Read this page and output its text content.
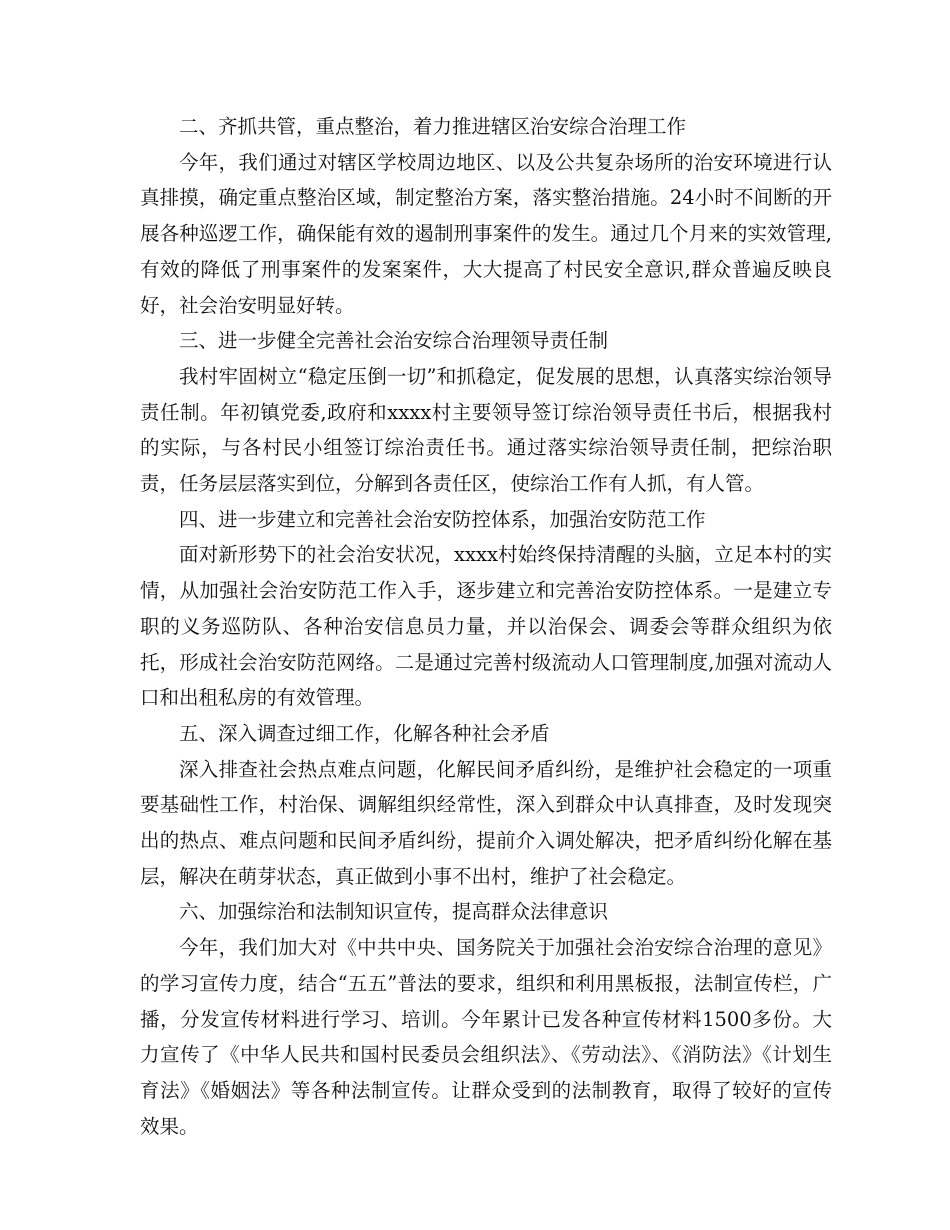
二、齐抓共管，重点整治，着力推进辖区治安综合治理工作

今年，我们通过对辖区学校周边地区、以及公共复杂场所的治安环境进行认真排摸，确定重点整治区域，制定整治方案，落实整治措施。24小时不间断的开展各种巡逻工作，确保能有效的遏制刑事案件的发生。通过几个月来的实效管理,有效的降低了刑事案件的发案案件，大大提高了村民安全意识,群众普遍反映良好，社会治安明显好转。

三、进一步健全完善社会治安综合治理领导责任制

我村牢固树立“稳定压倒一切”和抓稳定，促发展的思想，认真落实综治领导责任制。年初镇党委,政府和xxxx村主要领导签订综治领导责任书后，根据我村的实际，与各村民小组签订综治责任书。通过落实综治领导责任制，把综治职责，任务层层落实到位，分解到各责任区，使综治工作有人抓，有人管。

四、进一步建立和完善社会治安防控体系，加强治安防范工作

面对新形势下的社会治安状况，xxxx村始终保持清醒的头脑，立足本村的实情，从加强社会治安防范工作入手，逐步建立和完善治安防控体系。一是建立专职的义务巡防队、各种治安信息员力量，并以治保会、调委会等群众组织为依托，形成社会治安防范网络。二是通过完善村级流动人口管理制度,加强对流动人口和出租私房的有效管理。

五、深入调查过细工作，化解各种社会矛盾

深入排查社会热点难点问题，化解民间矛盾纠纷，是维护社会稳定的一项重要基础性工作，村治保、调解组织经常性，深入到群众中认真排查，及时发现突出的热点、难点问题和民间矛盾纠纷，提前介入调处解决，把矛盾纠纷化解在基层，解决在萌芽状态，真正做到小事不出村，维护了社会稳定。

六、加强综治和法制知识宣传，提高群众法律意识

今年，我们加大对《中共中央、国务院关于加强社会治安综合治理的意见》的学习宣传力度，结合“五五”普法的要求，组织和利用黑板报，法制宣传栏，广播，分发宣传材料进行学习、培训。今年累计已发各种宣传材料1500多份。大力宣传了《中华人民共和国村民委员会组织法》、《劳动法》、《消防法》《计划生育法》《婚姻法》等各种法制宣传。让群众受到的法制教育，取得了较好的宣传效果。
